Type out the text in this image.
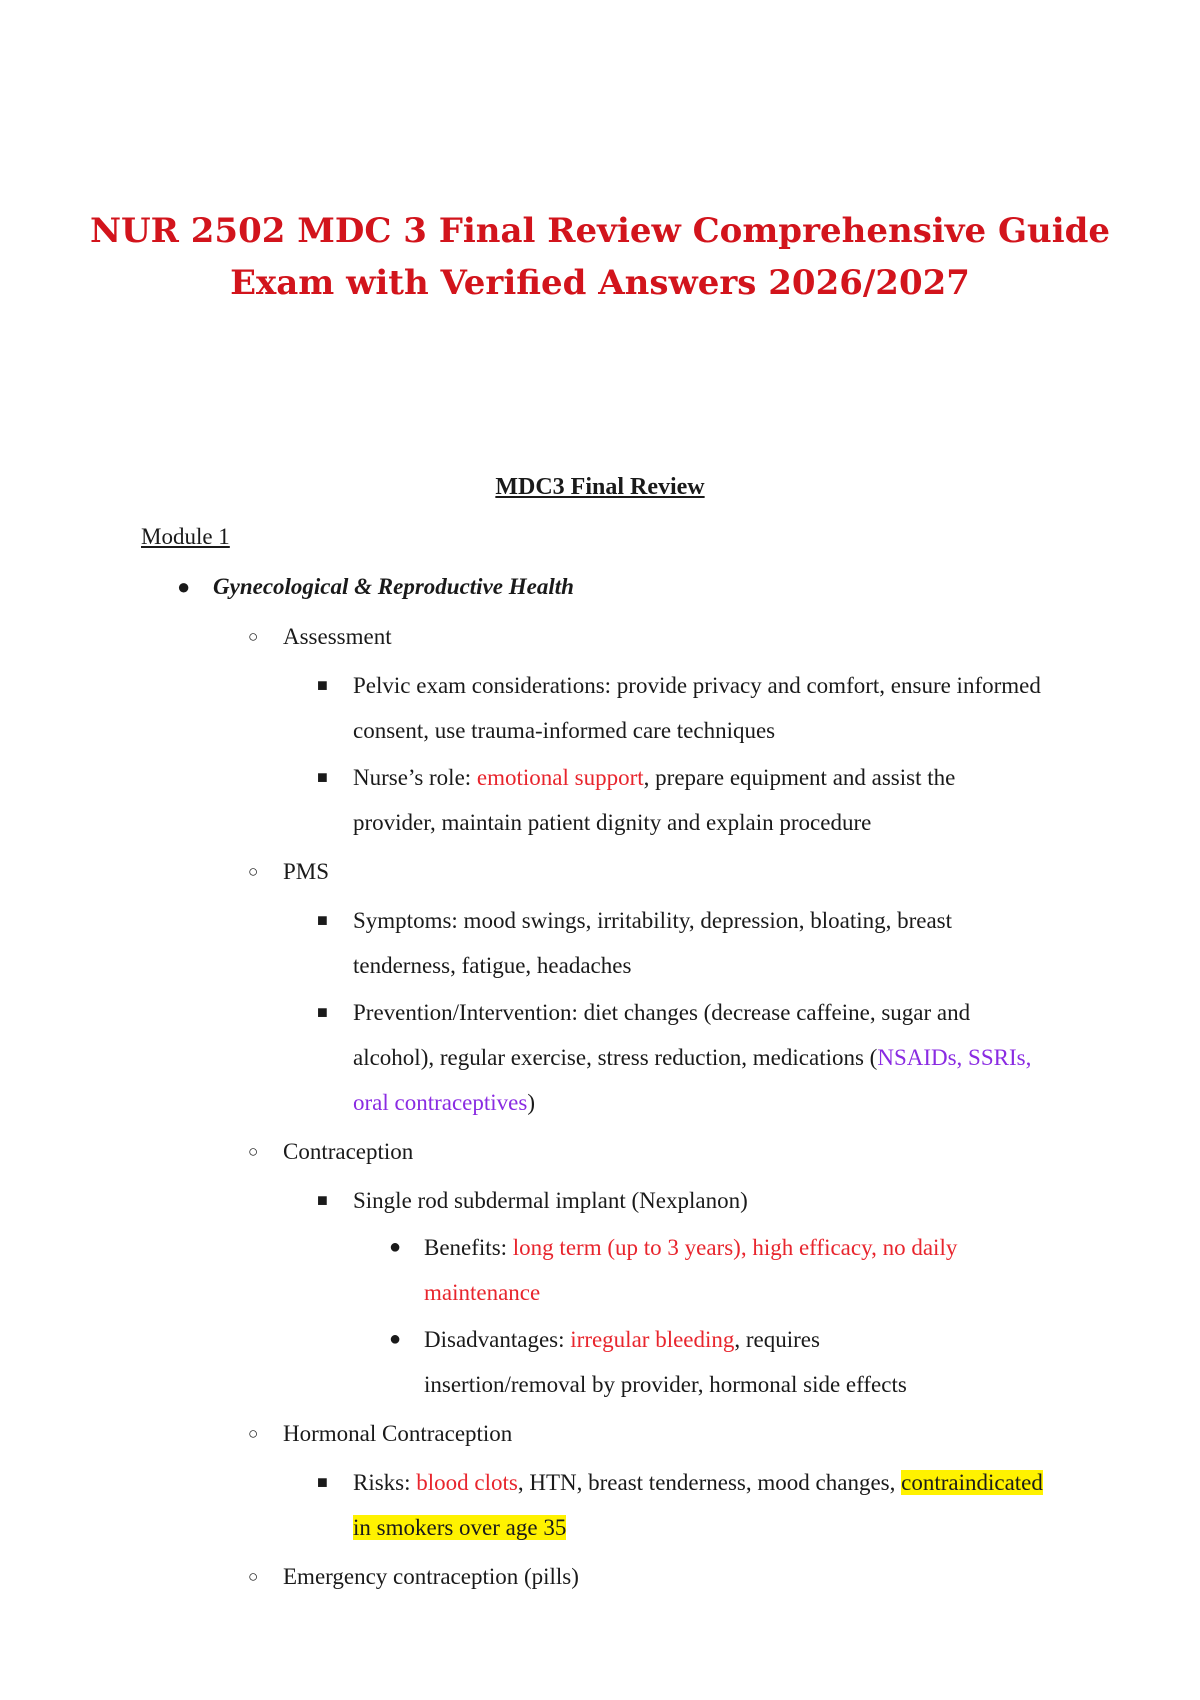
NUR 2502 MDC 3 Final Review Comprehensive Guide
Exam with Verified Answers 2026/2027
MDC3 Final Review
Module 1
● Gynecological & Reproductive Health
○ Assessment
■ Pelvic exam considerations: provide privacy and comfort, ensure informed consent, use trauma-informed care techniques
■ Nurse’s role: emotional support, prepare equipment and assist the provider, maintain patient dignity and explain procedure
○ PMS
■ Symptoms: mood swings, irritability, depression, bloating, breast tenderness, fatigue, headaches
■ Prevention/Intervention: diet changes (decrease caffeine, sugar and alcohol), regular exercise, stress reduction, medications (NSAIDs, SSRIs, oral contraceptives)
○ Contraception
■ Single rod subdermal implant (Nexplanon)
● Benefits: long term (up to 3 years), high efficacy, no daily maintenance
● Disadvantages: irregular bleeding, requires insertion/removal by provider, hormonal side effects
○ Hormonal Contraception
■ Risks: blood clots, HTN, breast tenderness, mood changes, contraindicated in smokers over age 35
○ Emergency contraception (pills)
